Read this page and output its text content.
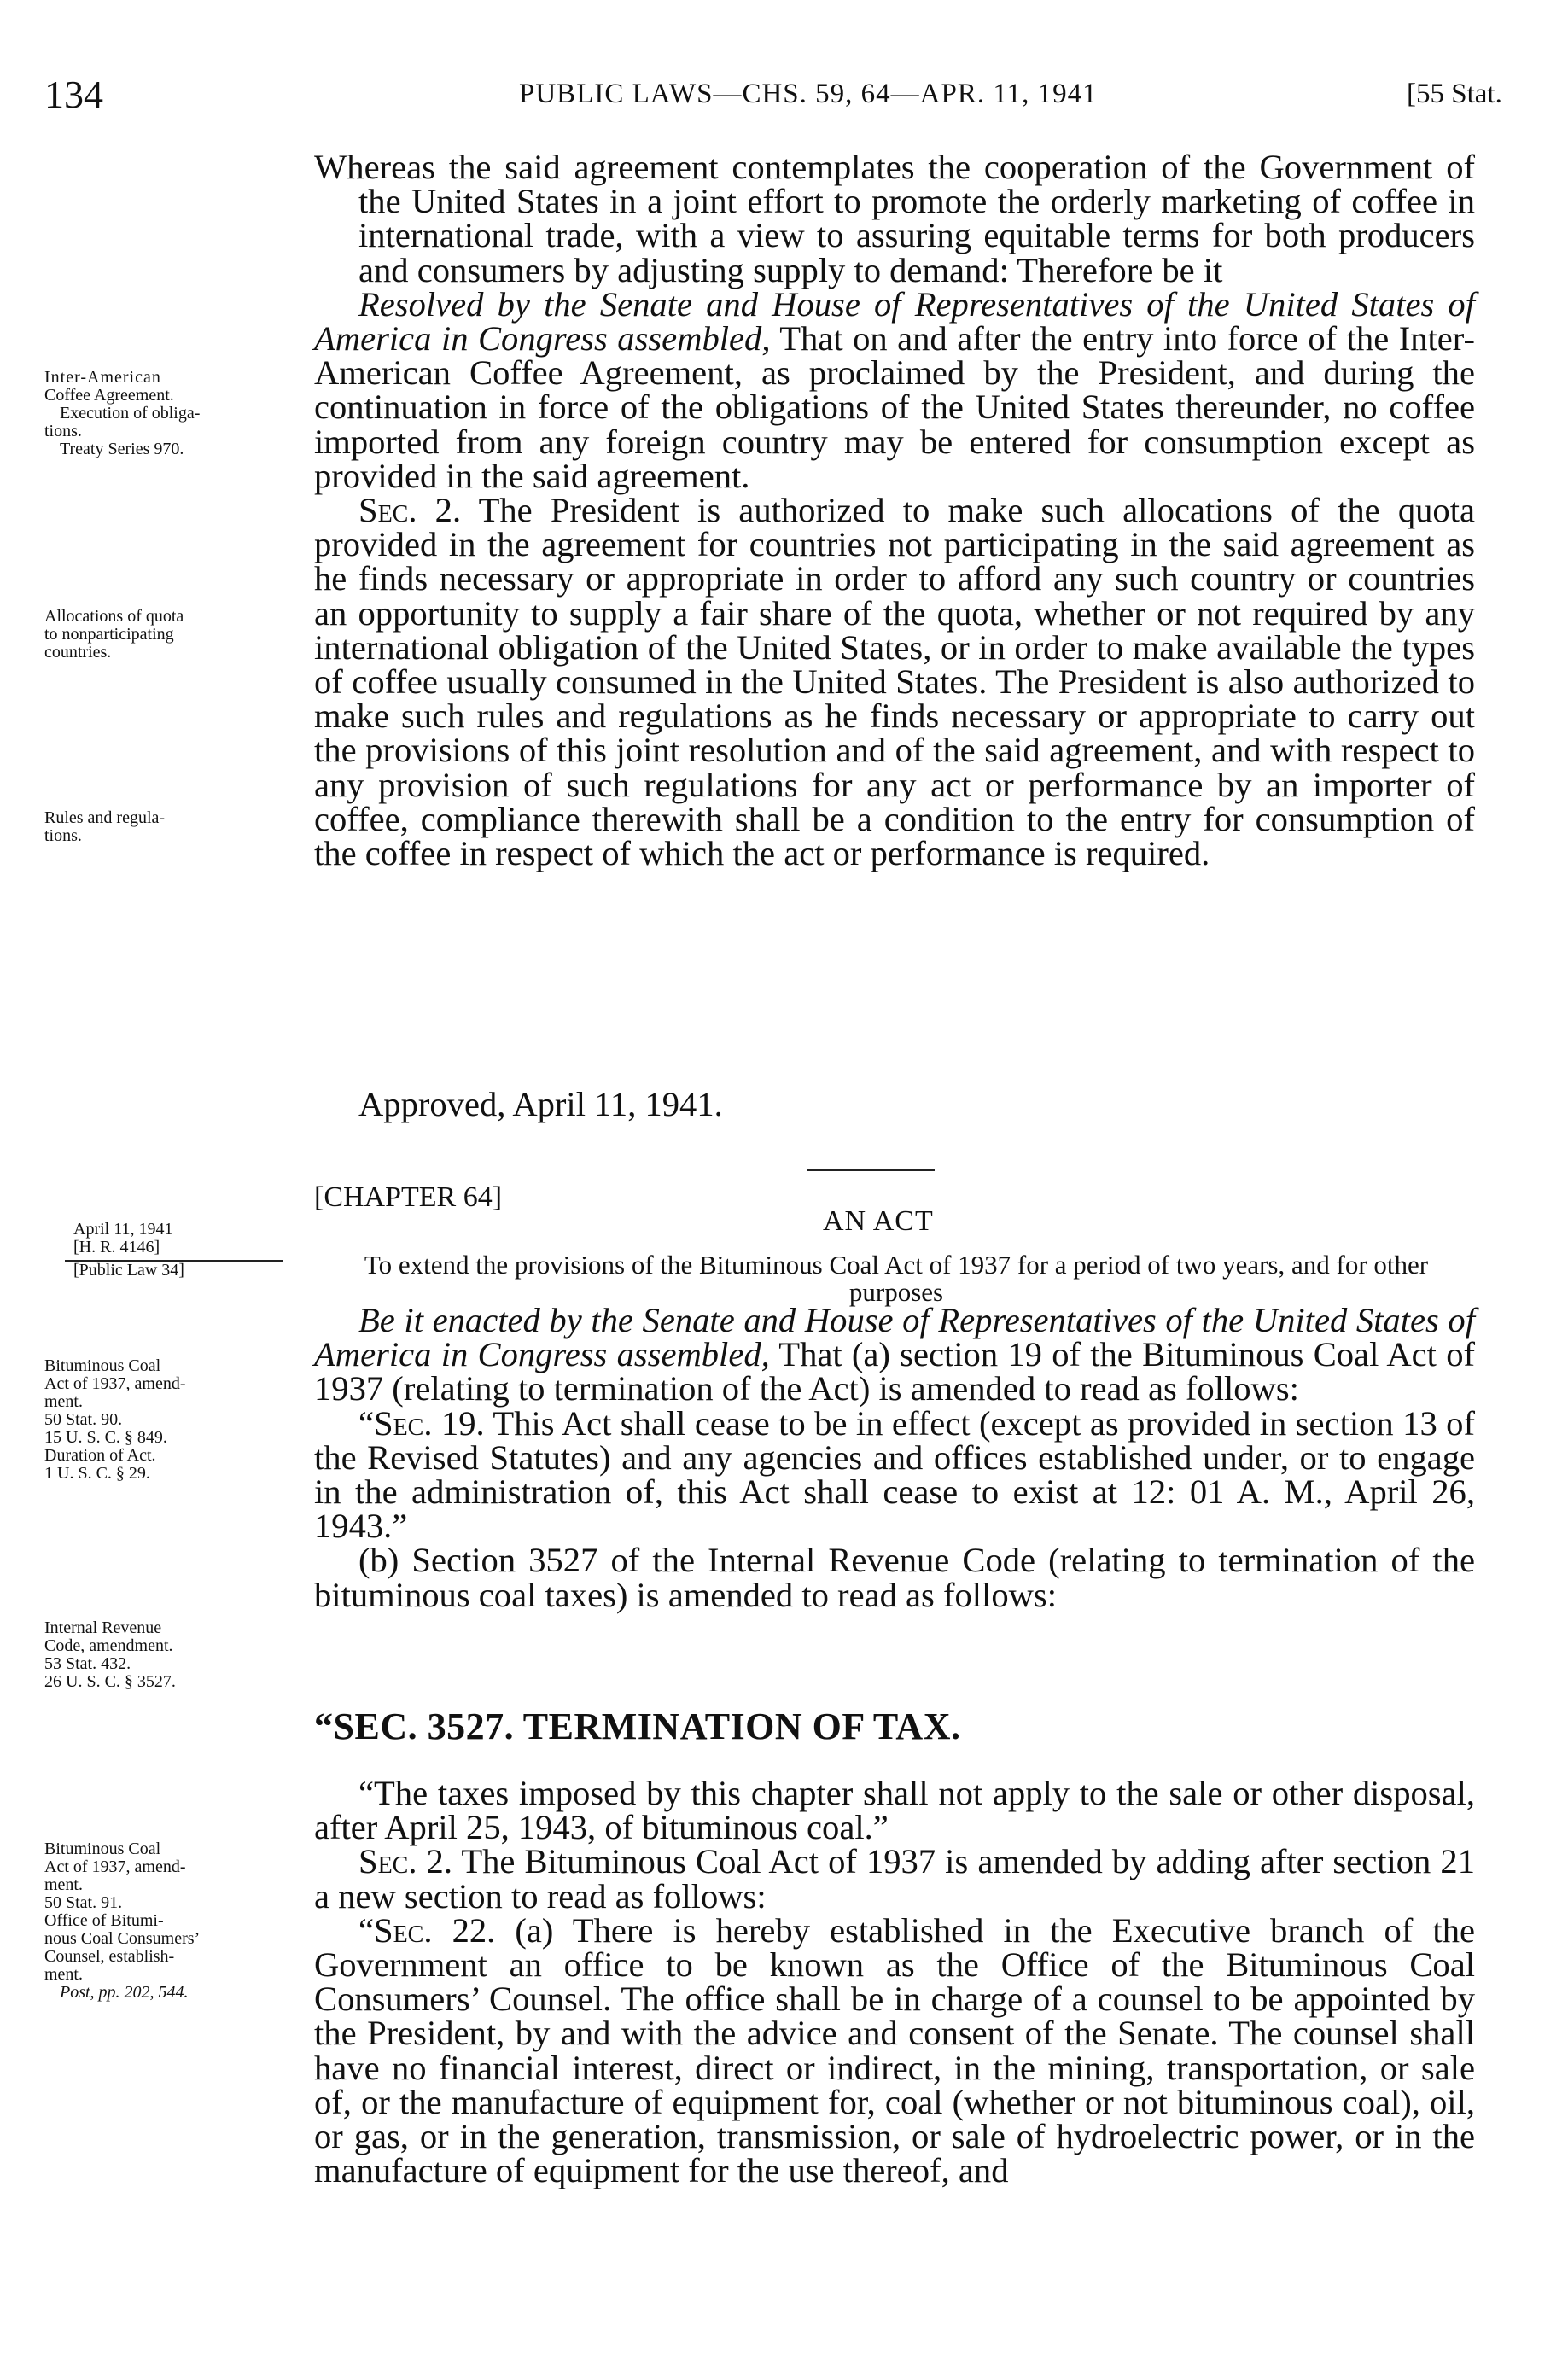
134	PUBLIC LAWS—CHS. 59, 64—APR. 11, 1941	[55 Stat.

Whereas the said agreement contemplates the cooperation of the Government of the United States in a joint effort to promote the orderly marketing of coffee in international trade, with a view to assuring equitable terms for both producers and consumers by adjusting supply to demand: Therefore be it

Resolved by the Senate and House of Representatives of the United States of America in Congress assembled, That on and after the entry into force of the Inter-American Coffee Agreement, as proclaimed by the President, and during the continuation in force of the obligations of the United States thereunder, no coffee imported from any foreign country may be entered for consumption except as provided in the said agreement.

Sec. 2. The President is authorized to make such allocations of the quota provided in the agreement for countries not participating in the said agreement as he finds necessary or appropriate in order to afford any such country or countries an opportunity to supply a fair share of the quota, whether or not required by any international obligation of the United States, or in order to make available the types of coffee usually consumed in the United States. The President is also authorized to make such rules and regulations as he finds necessary or appropriate to carry out the provisions of this joint resolution and of the said agreement, and with respect to any provision of such regulations for any act or performance by an importer of coffee, compliance therewith shall be a condition to the entry for consumption of the coffee in respect of which the act or performance is required.

Approved, April 11, 1941.
[CHAPTER 64]
AN ACT
To extend the provisions of the Bituminous Coal Act of 1937 for a period of two years, and for other purposes

Be it enacted by the Senate and House of Representatives of the United States of America in Congress assembled, That (a) section 19 of the Bituminous Coal Act of 1937 (relating to termination of the Act) is amended to read as follows:

“Sec. 19. This Act shall cease to be in effect (except as provided in section 13 of the Revised Statutes) and any agencies and offices established under, or to engage in the administration of, this Act shall cease to exist at 12: 01 A. M., April 26, 1943.”

(b) Section 3527 of the Internal Revenue Code (relating to termination of the bituminous coal taxes) is amended to read as follows:

“SEC. 3527. TERMINATION OF TAX.

“The taxes imposed by this chapter shall not apply to the sale or other disposal, after April 25, 1943, of bituminous coal.”

Sec. 2. The Bituminous Coal Act of 1937 is amended by adding after section 21 a new section to read as follows:

“Sec. 22. (a) There is hereby established in the Executive branch of the Government an office to be known as the Office of the Bituminous Coal Consumers’ Counsel. The office shall be in charge of a counsel to be appointed by the President, by and with the advice and consent of the Senate. The counsel shall have no financial interest, direct or indirect, in the mining, transportation, or sale of, or the manufacture of equipment for, coal (whether or not bituminous coal), oil, or gas, or in the generation, transmission, or sale of hydroelectric power, or in the manufacture of equipment for the use thereof, and

Inter-American
Coffee Agreement.
Execution of obliga-
tions.
Treaty Series 970.
Allocations of quota
to nonparticipating
countries.
Rules and regula-
tions.
April 11, 1941
[H. R. 4146]
[Public Law 34]
Bituminous Coal
Act of 1937, amend-
ment.
50 Stat. 90.
15 U. S. C. § 849.
Duration of Act.
1 U. S. C. § 29.
Internal Revenue
Code, amendment.
53 Stat. 432.
26 U. S. C. § 3527.
Bituminous Coal
Act of 1937, amend-
ment.
50 Stat. 91.
Office of Bitumi-
nous Coal Consumers’
Counsel, establish-
ment.
Post, pp. 202, 544.
